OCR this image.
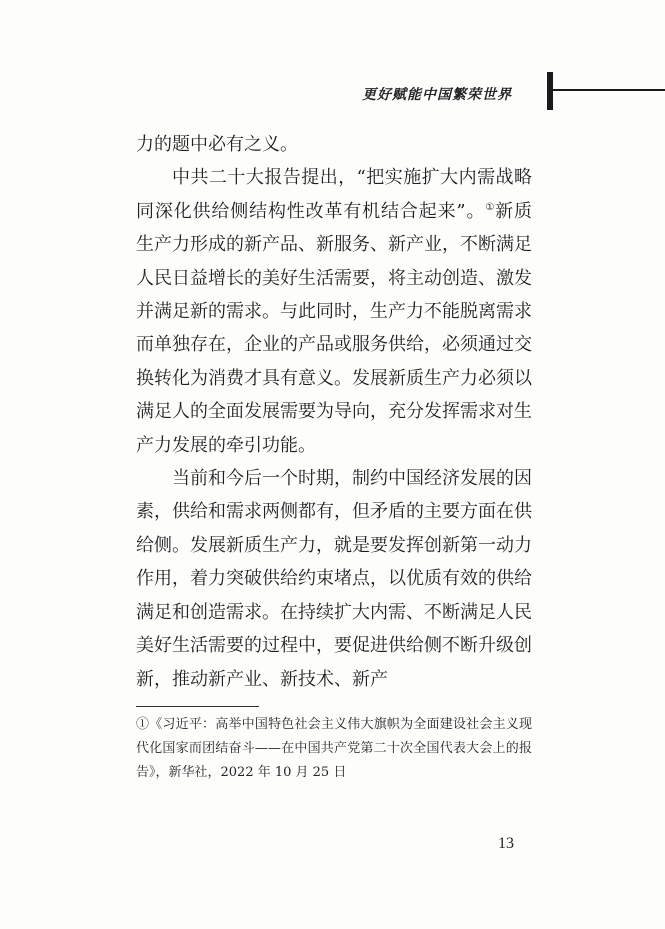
更好赋能中国繁荣世界

力的题中必有之义。

中共二十大报告提出，“把实施扩大内需战略同深化供给侧结构性改革有机结合起来”。①新质生产力形成的新产品、新服务、新产业，不断满足人民日益增长的美好生活需要，将主动创造、激发并满足新的需求。与此同时，生产力不能脱离需求而单独存在，企业的产品或服务供给，必须通过交换转化为消费才具有意义。发展新质生产力必须以满足人的全面发展需要为导向，充分发挥需求对生产力发展的牵引功能。

当前和今后一个时期，制约中国经济发展的因素，供给和需求两侧都有，但矛盾的主要方面在供给侧。发展新质生产力，就是要发挥创新第一动力作用，着力突破供给约束堵点，以优质有效的供给满足和创造需求。在持续扩大内需、不断满足人民美好生活需要的过程中，要促进供给侧不断升级创新，推动新产业、新技术、新产

①《习近平：高举中国特色社会主义伟大旗帜为全面建设社会主义现代化国家而团结奋斗——在中国共产党第二十次全国代表大会上的报告》，新华社，2022 年 10 月 25 日
13
